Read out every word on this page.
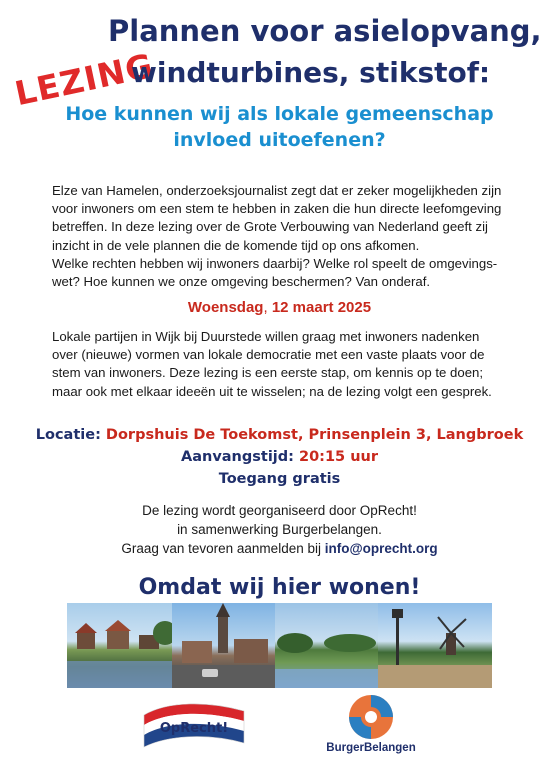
Plannen voor asielopvang,
LEZING
windturbines, stikstof:
Hoe kunnen wij als lokale gemeenschap
invloed uitoefenen?
Elze van Hamelen, onderzoeksjournalist zegt dat er zeker mogelijkheden zijn
voor inwoners om een stem te hebben in zaken die hun directe leefomgeving
betreffen. In deze lezing over de Grote Verbouwing van Nederland geeft zij
inzicht in de vele plannen die de komende tijd op ons afkomen.
Welke rechten hebben wij inwoners daarbij? Welke rol speelt de omgevings-
wet? Hoe kunnen we onze omgeving beschermen? Van onderaf.
Woensdag, 12 maart 2025
Lokale partijen in Wijk bij Duurstede willen graag met inwoners nadenken
over (nieuwe) vormen van lokale democratie met een vaste plaats voor de
stem van inwoners. Deze lezing is een eerste stap, om kennis op te doen;
maar ook met elkaar ideeën uit te wisselen; na de lezing volgt een gesprek.
Locatie: Dorpshuis De Toekomst, Prinsenplein 3, Langbroek
Aanvangstijd: 20:15 uur
Toegang gratis
De lezing wordt georganiseerd door OpRecht!
in samenwerking Burgerbelangen.
Graag van tevoren aanmelden bij info@oprecht.org
Omdat wij hier wonen!
OpRecht!
BurgerBelangen
